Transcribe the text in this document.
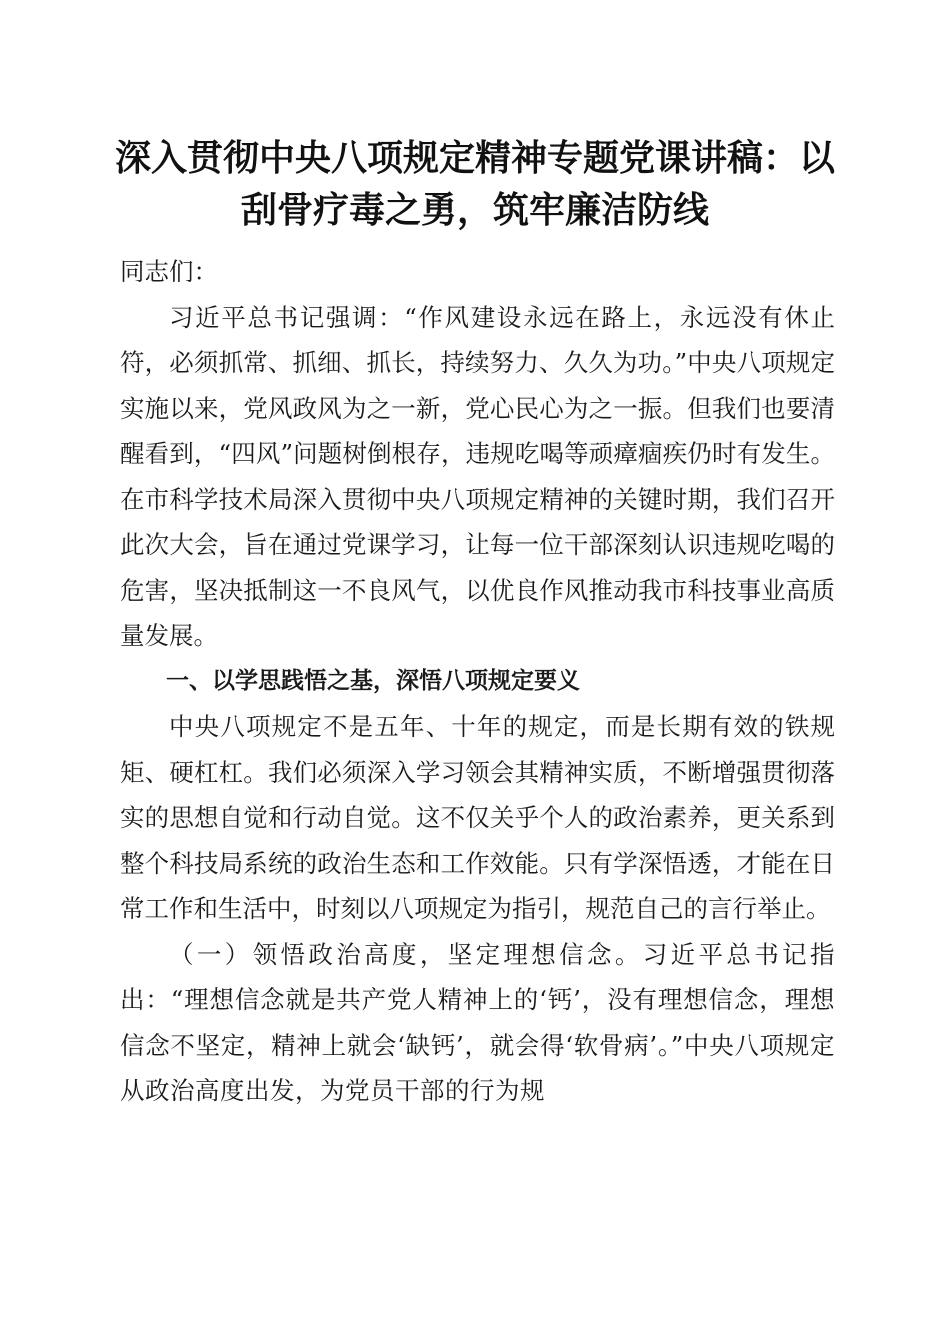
深入贯彻中央八项规定精神专题党课讲稿：以刮骨疗毒之勇，筑牢廉洁防线

同志们：

习近平总书记强调：“作风建设永远在路上，永远没有休止符，必须抓常、抓细、抓长，持续努力、久久为功。”中央八项规定实施以来，党风政风为之一新，党心民心为之一振。但我们也要清醒看到，“四风”问题树倒根存，违规吃喝等顽瘴痼疾仍时有发生。在市科学技术局深入贯彻中央八项规定精神的关键时期，我们召开此次大会，旨在通过党课学习，让每一位干部深刻认识违规吃喝的危害，坚决抵制这一不良风气，以优良作风推动我市科技事业高质量发展。

一、以学思践悟之基，深悟八项规定要义

中央八项规定不是五年、十年的规定，而是长期有效的铁规矩、硬杠杠。我们必须深入学习领会其精神实质，不断增强贯彻落实的思想自觉和行动自觉。这不仅关乎个人的政治素养，更关系到整个科技局系统的政治生态和工作效能。只有学深悟透，才能在日常工作和生活中，时刻以八项规定为指引，规范自己的言行举止。

（一）领悟政治高度，坚定理想信念。习近平总书记指出：“理想信念就是共产党人精神上的‘钙’，没有理想信念，理想信念不坚定，精神上就会‘缺钙’，就会得‘软骨病’。”中央八项规定从政治高度出发，为党员干部的行为规
